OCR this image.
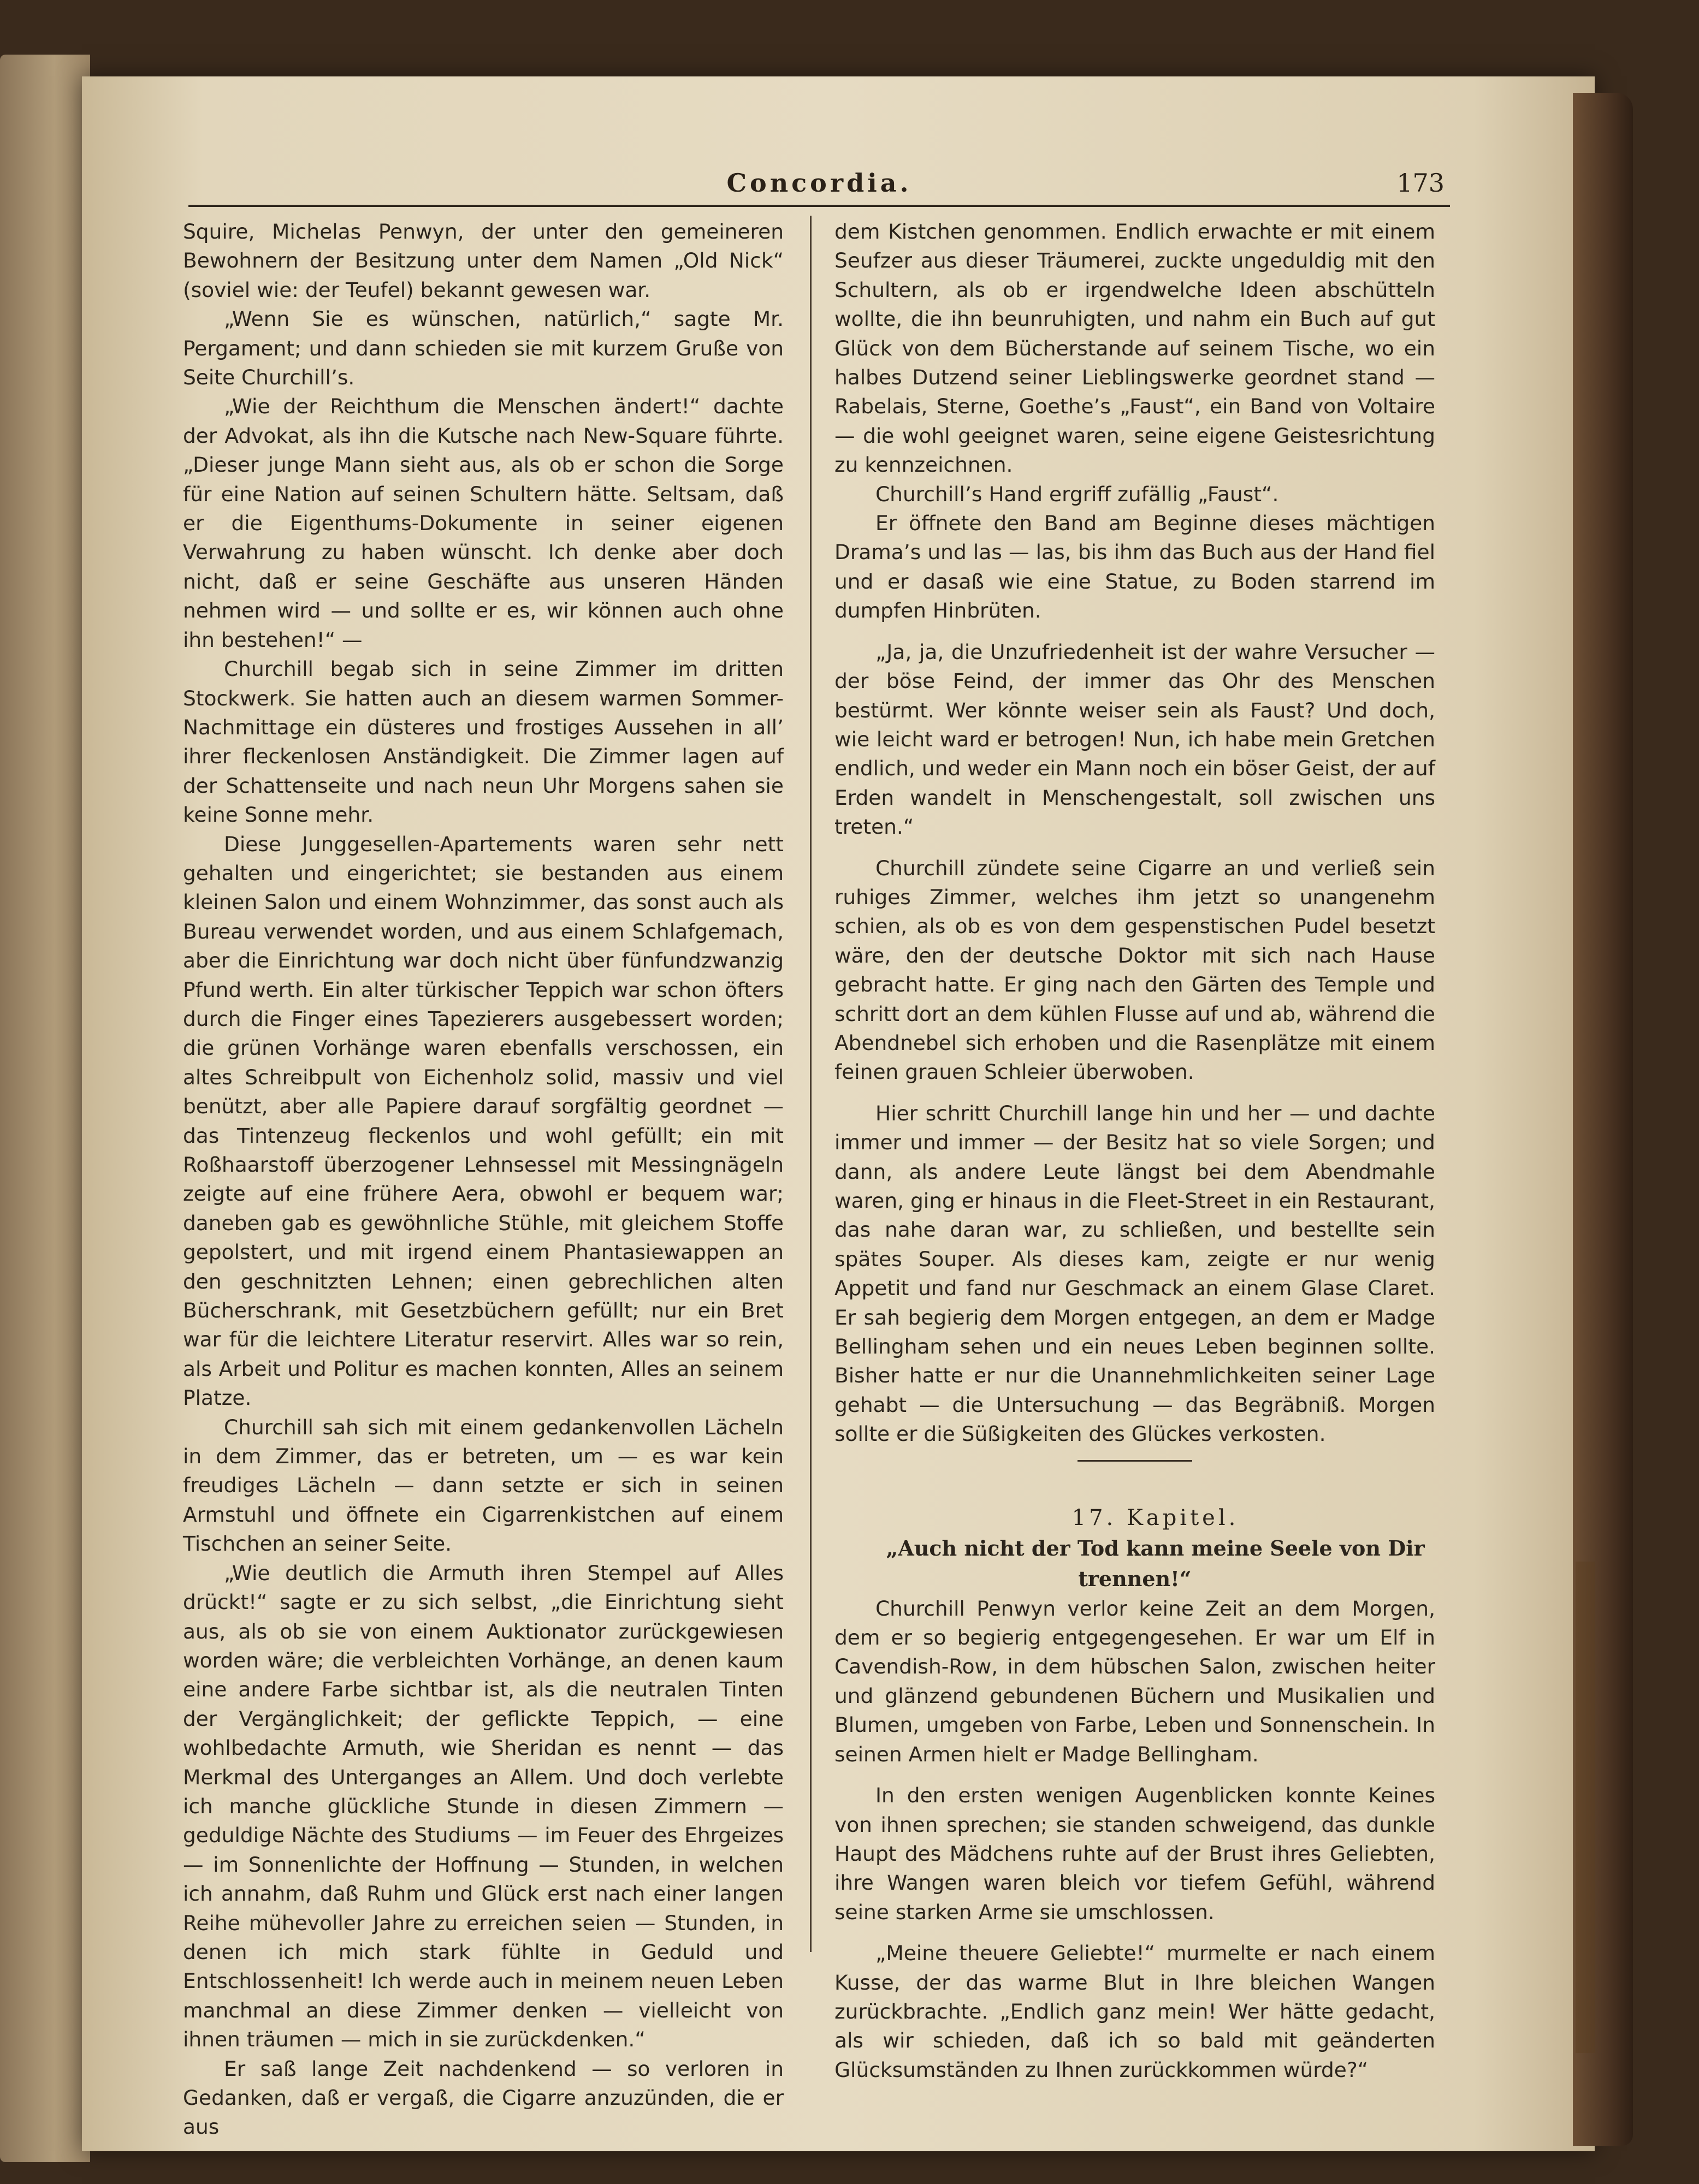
Concordia.	173

Squire, Michelas Penwyn, der unter den gemeineren Bewohnern der Besitzung unter dem Namen „Old Nick“ (soviel wie: der Teufel) bekannt gewesen war.

„Wenn Sie es wünschen, natürlich,“ sagte Mr. Pergament; und dann schieden sie mit kurzem Gruße von Seite Churchill’s.

„Wie der Reichthum die Menschen ändert!“ dachte der Advokat, als ihn die Kutsche nach New-Square führte. „Dieser junge Mann sieht aus, als ob er schon die Sorge für eine Nation auf seinen Schultern hätte. Seltsam, daß er die Eigenthums-Dokumente in seiner eigenen Verwahrung zu haben wünscht. Ich denke aber doch nicht, daß er seine Geschäfte aus unseren Händen nehmen wird — und sollte er es, wir können auch ohne ihn bestehen!“ —

Churchill begab sich in seine Zimmer im dritten Stockwerk. Sie hatten auch an diesem warmen Sommer-Nachmittage ein düsteres und frostiges Aussehen in all’ ihrer fleckenlosen Anständigkeit. Die Zimmer lagen auf der Schattenseite und nach neun Uhr Morgens sahen sie keine Sonne mehr.

Diese Junggesellen-Apartements waren sehr nett gehalten und eingerichtet; sie bestanden aus einem kleinen Salon und einem Wohnzimmer, das sonst auch als Bureau verwendet worden, und aus einem Schlafgemach, aber die Einrichtung war doch nicht über fünfundzwanzig Pfund werth. Ein alter türkischer Teppich war schon öfters durch die Finger eines Tapezierers ausgebessert worden; die grünen Vorhänge waren ebenfalls verschossen, ein altes Schreibpult von Eichenholz solid, massiv und viel benützt, aber alle Papiere darauf sorgfältig geordnet — das Tintenzeug fleckenlos und wohl gefüllt; ein mit Roßhaarstoff überzogener Lehnsessel mit Messingnägeln zeigte auf eine frühere Aera, obwohl er bequem war; daneben gab es gewöhnliche Stühle, mit gleichem Stoffe gepolstert, und mit irgend einem Phantasiewappen an den geschnitzten Lehnen; einen gebrechlichen alten Bücherschrank, mit Gesetzbüchern gefüllt; nur ein Bret war für die leichtere Literatur reservirt. Alles war so rein, als Arbeit und Politur es machen konnten, Alles an seinem Platze.

Churchill sah sich mit einem gedankenvollen Lächeln in dem Zimmer, das er betreten, um — es war kein freudiges Lächeln — dann setzte er sich in seinen Armstuhl und öffnete ein Cigarrenkistchen auf einem Tischchen an seiner Seite.

„Wie deutlich die Armuth ihren Stempel auf Alles drückt!“ sagte er zu sich selbst, „die Einrichtung sieht aus, als ob sie von einem Auktionator zurückgewiesen worden wäre; die verbleichten Vorhänge, an denen kaum eine andere Farbe sichtbar ist, als die neutralen Tinten der Vergänglichkeit; der geflickte Teppich, — eine wohlbedachte Armuth, wie Sheridan es nennt — das Merkmal des Unterganges an Allem. Und doch verlebte ich manche glückliche Stunde in diesen Zimmern — geduldige Nächte des Studiums — im Feuer des Ehrgeizes — im Sonnenlichte der Hoffnung — Stunden, in welchen ich annahm, daß Ruhm und Glück erst nach einer langen Reihe mühevoller Jahre zu erreichen seien — Stunden, in denen ich mich stark fühlte in Geduld und Entschlossenheit! Ich werde auch in meinem neuen Leben manchmal an diese Zimmer denken — vielleicht von ihnen träumen — mich in sie zurückdenken.“

Er saß lange Zeit nachdenkend — so verloren in Gedanken, daß er vergaß, die Cigarre anzuzünden, die er aus

dem Kistchen genommen. Endlich erwachte er mit einem Seufzer aus dieser Träumerei, zuckte ungeduldig mit den Schultern, als ob er irgendwelche Ideen abschütteln wollte, die ihn beunruhigten, und nahm ein Buch auf gut Glück von dem Bücherstande auf seinem Tische, wo ein halbes Dutzend seiner Lieblingswerke geordnet stand — Rabelais, Sterne, Goethe’s „Faust“, ein Band von Voltaire — die wohl geeignet waren, seine eigene Geistesrichtung zu kennzeichnen.

Churchill’s Hand ergriff zufällig „Faust“.

Er öffnete den Band am Beginne dieses mächtigen Drama’s und las — las, bis ihm das Buch aus der Hand fiel und er dasaß wie eine Statue, zu Boden starrend im dumpfen Hinbrüten.

„Ja, ja, die Unzufriedenheit ist der wahre Versucher — der böse Feind, der immer das Ohr des Menschen bestürmt. Wer könnte weiser sein als Faust? Und doch, wie leicht ward er betrogen! Nun, ich habe mein Gretchen endlich, und weder ein Mann noch ein böser Geist, der auf Erden wandelt in Menschengestalt, soll zwischen uns treten.“

Churchill zündete seine Cigarre an und verließ sein ruhiges Zimmer, welches ihm jetzt so unangenehm schien, als ob es von dem gespenstischen Pudel besetzt wäre, den der deutsche Doktor mit sich nach Hause gebracht hatte. Er ging nach den Gärten des Temple und schritt dort an dem kühlen Flusse auf und ab, während die Abendnebel sich erhoben und die Rasenplätze mit einem feinen grauen Schleier überwoben.

Hier schritt Churchill lange hin und her — und dachte immer und immer — der Besitz hat so viele Sorgen; und dann, als andere Leute längst bei dem Abendmahle waren, ging er hinaus in die Fleet-Street in ein Restaurant, das nahe daran war, zu schließen, und bestellte sein spätes Souper. Als dieses kam, zeigte er nur wenig Appetit und fand nur Geschmack an einem Glase Claret. Er sah begierig dem Morgen entgegen, an dem er Madge Bellingham sehen und ein neues Leben beginnen sollte. Bisher hatte er nur die Unannehmlichkeiten seiner Lage gehabt — die Untersuchung — das Begräbniß. Morgen sollte er die Süßigkeiten des Glückes verkosten.

17. Kapitel.

„Auch nicht der Tod kann meine Seele von Dir trennen!“

Churchill Penwyn verlor keine Zeit an dem Morgen, dem er so begierig entgegengesehen. Er war um Elf in Cavendish-Row, in dem hübschen Salon, zwischen heiter und glänzend gebundenen Büchern und Musikalien und Blumen, umgeben von Farbe, Leben und Sonnenschein. In seinen Armen hielt er Madge Bellingham.

In den ersten wenigen Augenblicken konnte Keines von ihnen sprechen; sie standen schweigend, das dunkle Haupt des Mädchens ruhte auf der Brust ihres Geliebten, ihre Wangen waren bleich vor tiefem Gefühl, während seine starken Arme sie umschlossen.

„Meine theuere Geliebte!“ murmelte er nach einem Kusse, der das warme Blut in Ihre bleichen Wangen zurückbrachte. „Endlich ganz mein! Wer hätte gedacht, als wir schieden, daß ich so bald mit geänderten Glücksumständen zu Ihnen zurückkommen würde?“
